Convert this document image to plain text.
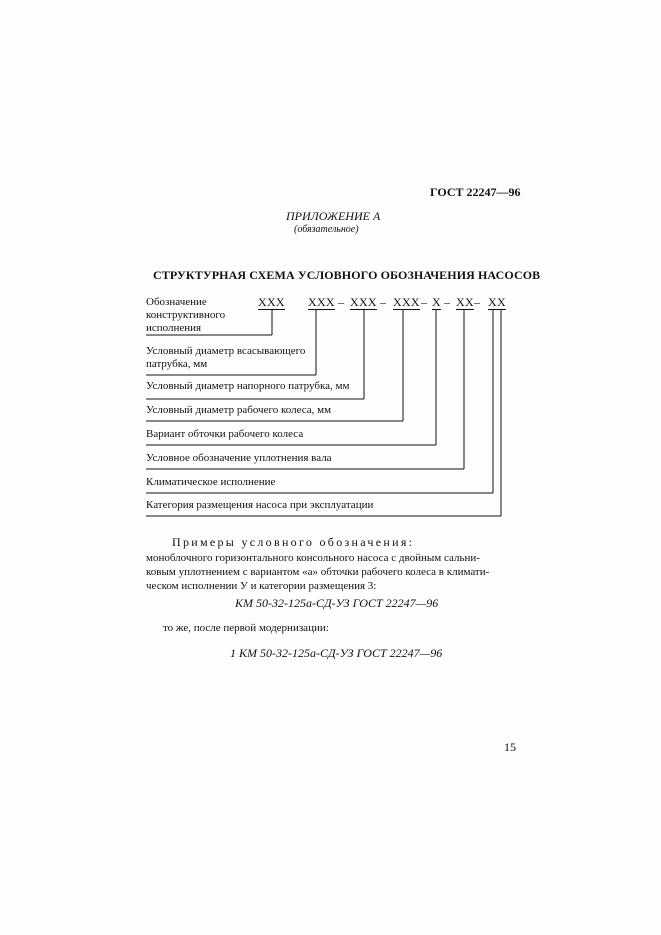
ГОСТ 22247—96
ПРИЛОЖЕНИЕ А
(обязательное)
СТРУКТУРНАЯ СХЕМА УСЛОВНОГО ОБОЗНАЧЕНИЯ НАСОСОВ
XXX XXX – XXX – XXX – X – XX – XX
Обозначение конструктивного исполнения
Условный диаметр всасывающего патрубка, мм
Условный диаметр напорного патрубка, мм
Условный диаметр рабочего колеса, мм
Вариант обточки рабочего колеса
Условное обозначение уплотнения вала
Климатическое исполнение
Категория размещения насоса при эксплуатации
Примеры условного обозначения:
моноблочного горизонтального консольного насоса с двойным сальни-
ковым уплотнением с вариантом «а» обточки рабочего колеса в климати-
ческом исполнении У и категории размещения 3:
КМ 50-32-125а-СД-УЗ ГОСТ 22247—96
то же, после первой модернизации:
1 КМ 50-32-125а-СД-УЗ ГОСТ 22247—96
15
